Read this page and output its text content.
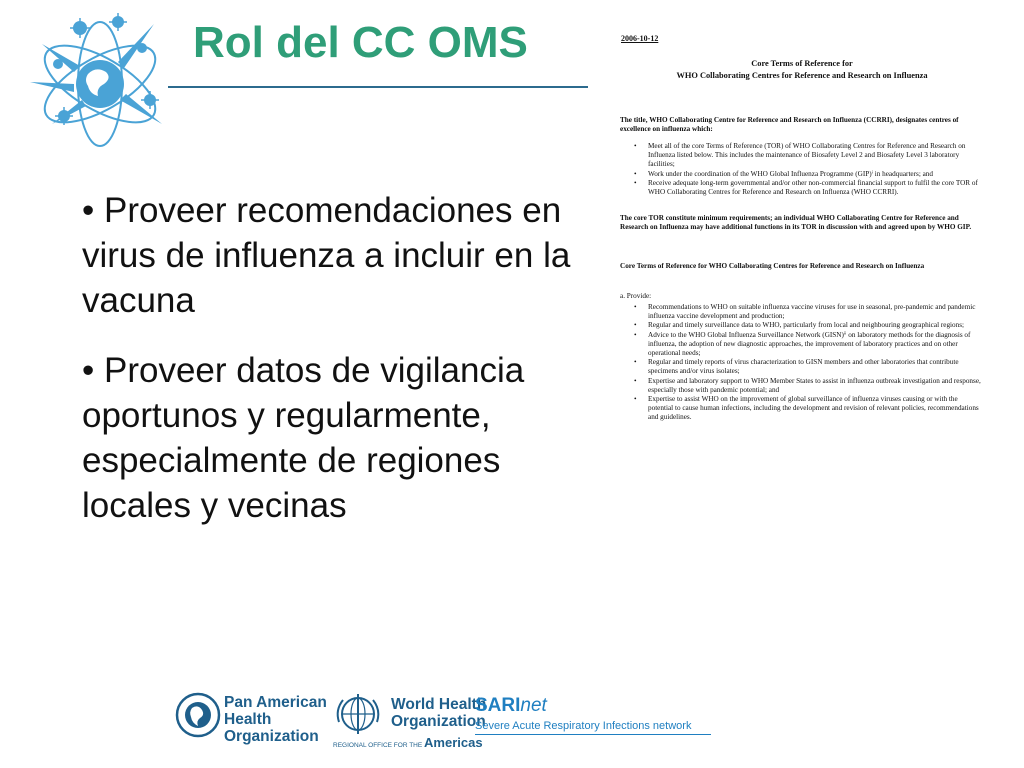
Rol del CC OMS
• Proveer recomendaciones en virus de influenza a incluir en la vacuna
• Proveer datos de vigilancia oportunos y regularmente, especialmente de regiones locales y vecinas
2006-10-12
Core Terms of Reference for
WHO Collaborating Centres for Reference and Research on Influenza
The title, WHO Collaborating Centre for Reference and Research on Influenza (CCRRI), designates centres of excellence on influenza which:
• Meet all of the core Terms of Reference (TOR) of WHO Collaborating Centres for Reference and Research on Influenza listed below. This includes the maintenance of Biosafety Level 2 and Biosafety Level 3 laboratory facilities;
• Work under the coordination of the WHO Global Influenza Programme (GIP)ⁱ in headquarters; and
• Receive adequate long-term governmental and/or other non-commercial financial support to fulfil the core TOR of WHO Collaborating Centres for Reference and Research on Influenza (WHO CCRRI).
The core TOR constitute minimum requirements; an individual WHO Collaborating Centre for Reference and Research on Influenza may have additional functions in its TOR in discussion with and agreed upon by WHO GIP.
Core Terms of Reference for WHO Collaborating Centres for Reference and Research on Influenza
a. Provide:
• Recommendations to WHO on suitable influenza vaccine viruses for use in seasonal, pre-pandemic and pandemic influenza vaccine development and production;
• Regular and timely surveillance data to WHO, particularly from local and neighbouring geographical regions;
• Advice to the WHO Global Influenza Surveillance Network (GISN)ⁱⁱ on laboratory methods for the diagnosis of influenza, the adoption of new diagnostic approaches, the improvement of laboratory practices and on other operational needs;
• Regular and timely reports of virus characterization to GISN members and other laboratories that contribute specimens and/or virus isolates;
• Expertise and laboratory support to WHO Member States to assist in influenza outbreak investigation and response, especially those with pandemic potential; and
• Expertise to assist WHO on the improvement of global surveillance of influenza viruses causing or with the potential to cause human infections, including the development and revision of relevant policies, recommendations and guidelines.
Pan American
Health
Organization
World Health
Organization
REGIONAL OFFICE FOR THE Americas
SARInet
Severe Acute Respiratory Infections network
